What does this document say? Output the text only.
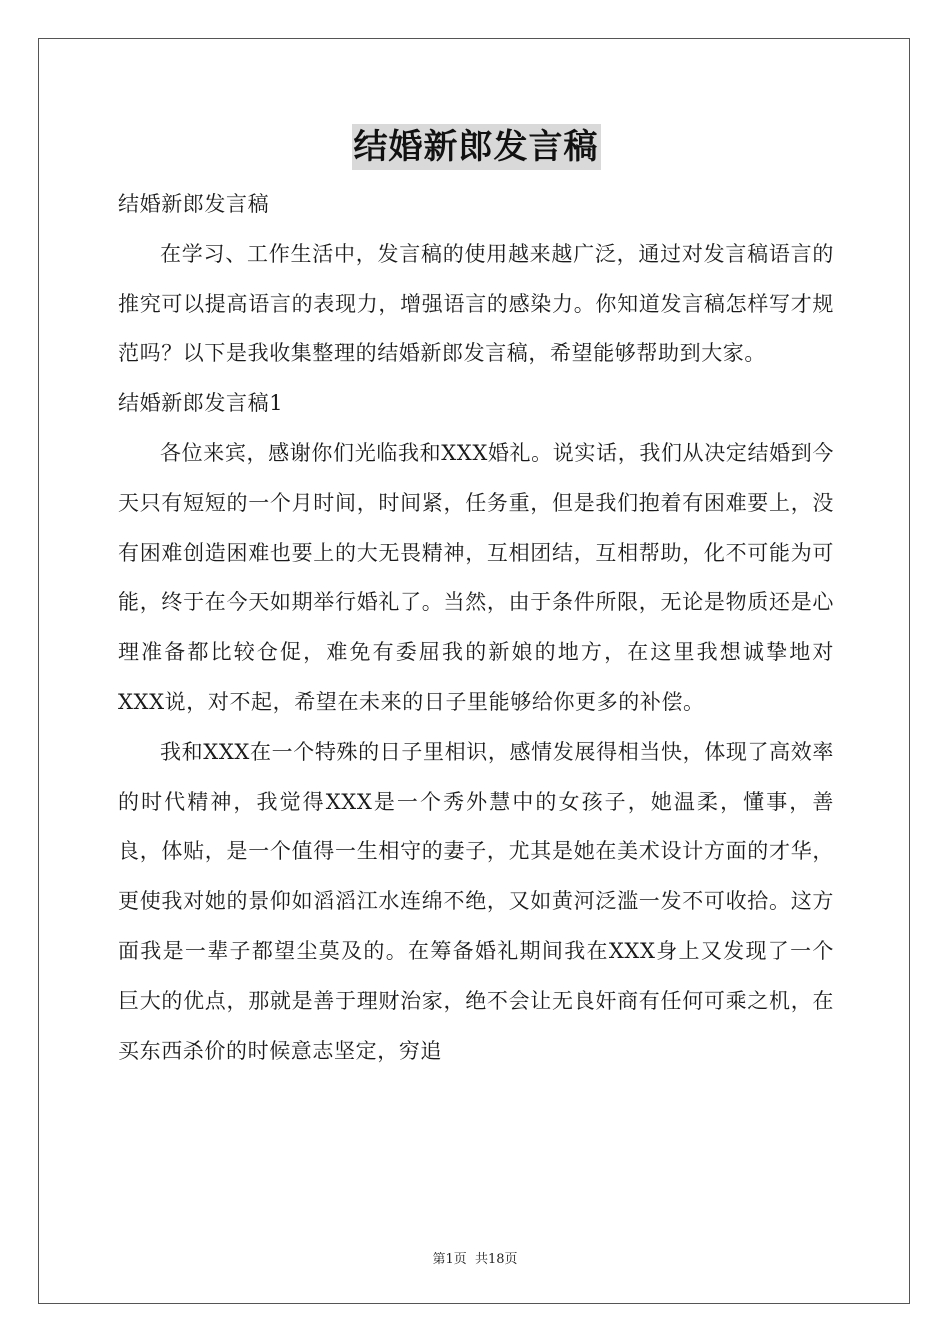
结婚新郎发言稿

结婚新郎发言稿

在学习、工作生活中，发言稿的使用越来越广泛，通过对发言稿语言的推究可以提高语言的表现力，增强语言的感染力。你知道发言稿怎样写才规范吗？以下是我收集整理的结婚新郎发言稿，希望能够帮助到大家。

结婚新郎发言稿1

各位来宾，感谢你们光临我和XXX婚礼。说实话，我们从决定结婚到今天只有短短的一个月时间，时间紧，任务重，但是我们抱着有困难要上，没有困难创造困难也要上的大无畏精神，互相团结，互相帮助，化不可能为可能，终于在今天如期举行婚礼了。当然，由于条件所限，无论是物质还是心理准备都比较仓促，难免有委屈我的新娘的地方，在这里我想诚挚地对XXX说，对不起，希望在未来的日子里能够给你更多的补偿。

我和XXX在一个特殊的日子里相识，感情发展得相当快，体现了高效率的时代精神，我觉得XXX是一个秀外慧中的女孩子，她温柔，懂事，善良，体贴，是一个值得一生相守的妻子，尤其是她在美术设计方面的才华，更使我对她的景仰如滔滔江水连绵不绝，又如黄河泛滥一发不可收拾。这方面我是一辈子都望尘莫及的。在筹备婚礼期间我在XXX身上又发现了一个巨大的优点，那就是善于理财治家，绝不会让无良奸商有任何可乘之机，在买东西杀价的时候意志坚定，穷追

第1页 共18页
